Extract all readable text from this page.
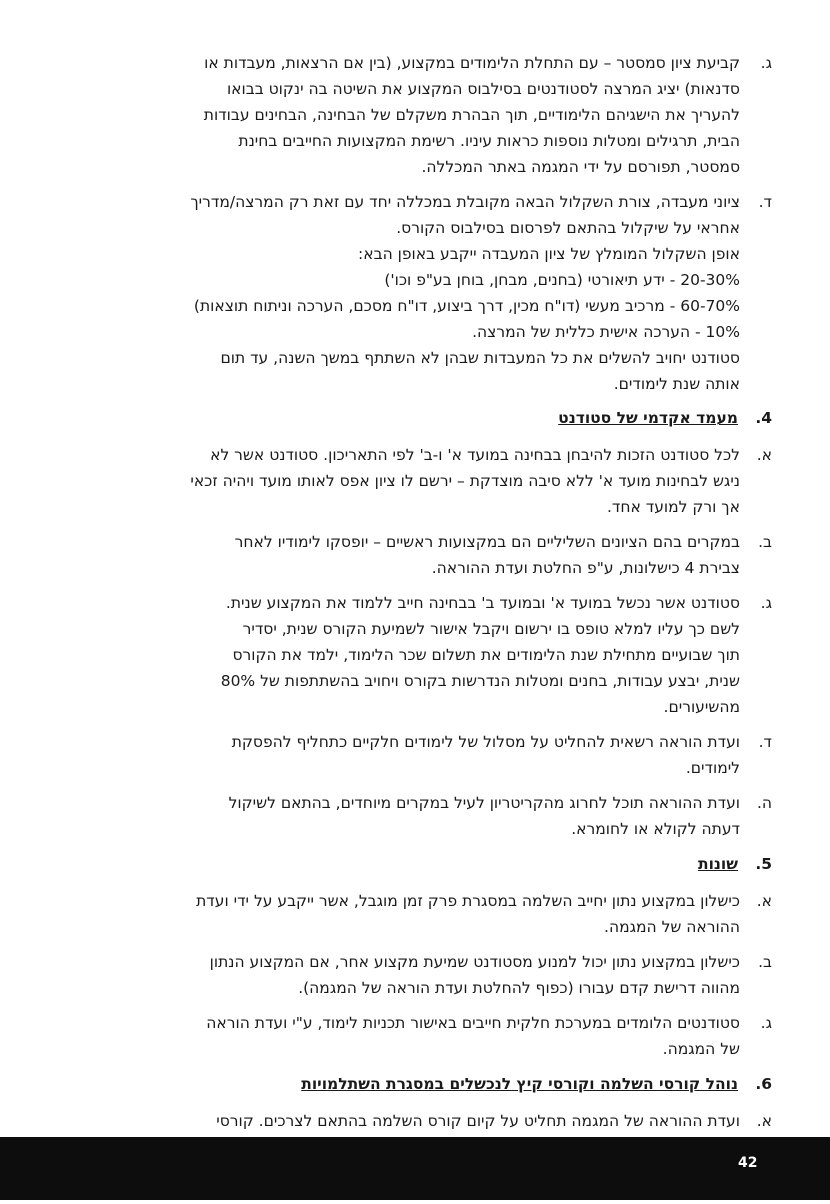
ג.
קביעת ציון סמסטר – עם התחלת הלימודים במקצוע, (בין אם הרצאות, מעבדות או
סדנאות) יציג המרצה לסטודנטים בסילבוס המקצוע את השיטה בה ינקוט בבואו
להעריך את הישגיהם הלימודיים, תוך הבהרת משקלם של הבחינה, הבחינים עבודות
הבית, תרגילים ומטלות נוספות כראות עיניו. רשימת המקצועות החייבים בחינת
סמסטר, תפורסם על ידי המגמה באתר המכללה.
ד.
ציוני מעבדה, צורת השקלול הבאה מקובלת במכללה יחד עם זאת רק המרצה/מדריך
אחראי על שיקלול בהתאם לפרסום בסילבוס הקורס.
אופן השקלול המומלץ של ציון המעבדה ייקבע באופן הבא:
20-30% - ידע תיאורטי (בחנים, מבחן, בוחן בע"פ וכו')
60-70% - מרכיב מעשי (דו"ח מכין, דרך ביצוע, דו"ח מסכם, הערכה וניתוח תוצאות)
10% - הערכה אישית כללית של המרצה.
סטודנט יחויב להשלים את כל המעבדות שבהן לא השתתף במשך השנה, עד תום
אותה שנת לימודים.
4.
מעמד אקדמי של סטודנט
א.
לכל סטודנט הזכות להיבחן בבחינה במועד א' ו-ב' לפי התאריכון. סטודנט אשר לא
ניגש לבחינות מועד א' ללא סיבה מוצדקת – ירשם לו ציון אפס לאותו מועד ויהיה זכאי
אך ורק למועד אחד.
ב.
במקרים בהם הציונים השליליים הם במקצועות ראשיים – יופסקו לימודיו לאחר
צבירת 4 כישלונות, ע"פ החלטת ועדת ההוראה.
ג.
סטודנט אשר נכשל במועד א' ובמועד ב' בבחינה חייב ללמוד את המקצוע שנית.
לשם כך עליו למלא טופס בו ירשום ויקבל אישור לשמיעת הקורס שנית, יסדיר
תוך שבועיים מתחילת שנת הלימודים את תשלום שכר הלימוד, ילמד את הקורס
שנית, יבצע עבודות, בחנים ומטלות הנדרשות בקורס ויחויב בהשתתפות של 80%
מהשיעורים.
ד.
ועדת הוראה רשאית להחליט על מסלול של לימודים חלקיים כתחליף להפסקת
לימודים.
ה.
ועדת ההוראה תוכל לחרוג מהקריטריון לעיל במקרים מיוחדים, בהתאם לשיקול
דעתה לקולא או לחומרא.
5.
שונות
א.
כישלון במקצוע נתון יחייב השלמה במסגרת פרק זמן מוגבל, אשר ייקבע על ידי ועדת
ההוראה של המגמה.
ב.
כישלון במקצוע נתון יכול למנוע מסטודנט שמיעת מקצוע אחר, אם המקצוע הנתון
מהווה דרישת קדם עבורו (כפוף להחלטת ועדת הוראה של המגמה).
ג.
סטודנטים הלומדים במערכת חלקית חייבים באישור תכניות לימוד, ע"י ועדת הוראה
של המגמה.
6.
נוהל קורסי השלמה וקורסי קיץ לנכשלים במסגרת השתלמויות
א.
ועדת ההוראה של המגמה תחליט על קיום קורס השלמה בהתאם לצרכים. קורסי
42
